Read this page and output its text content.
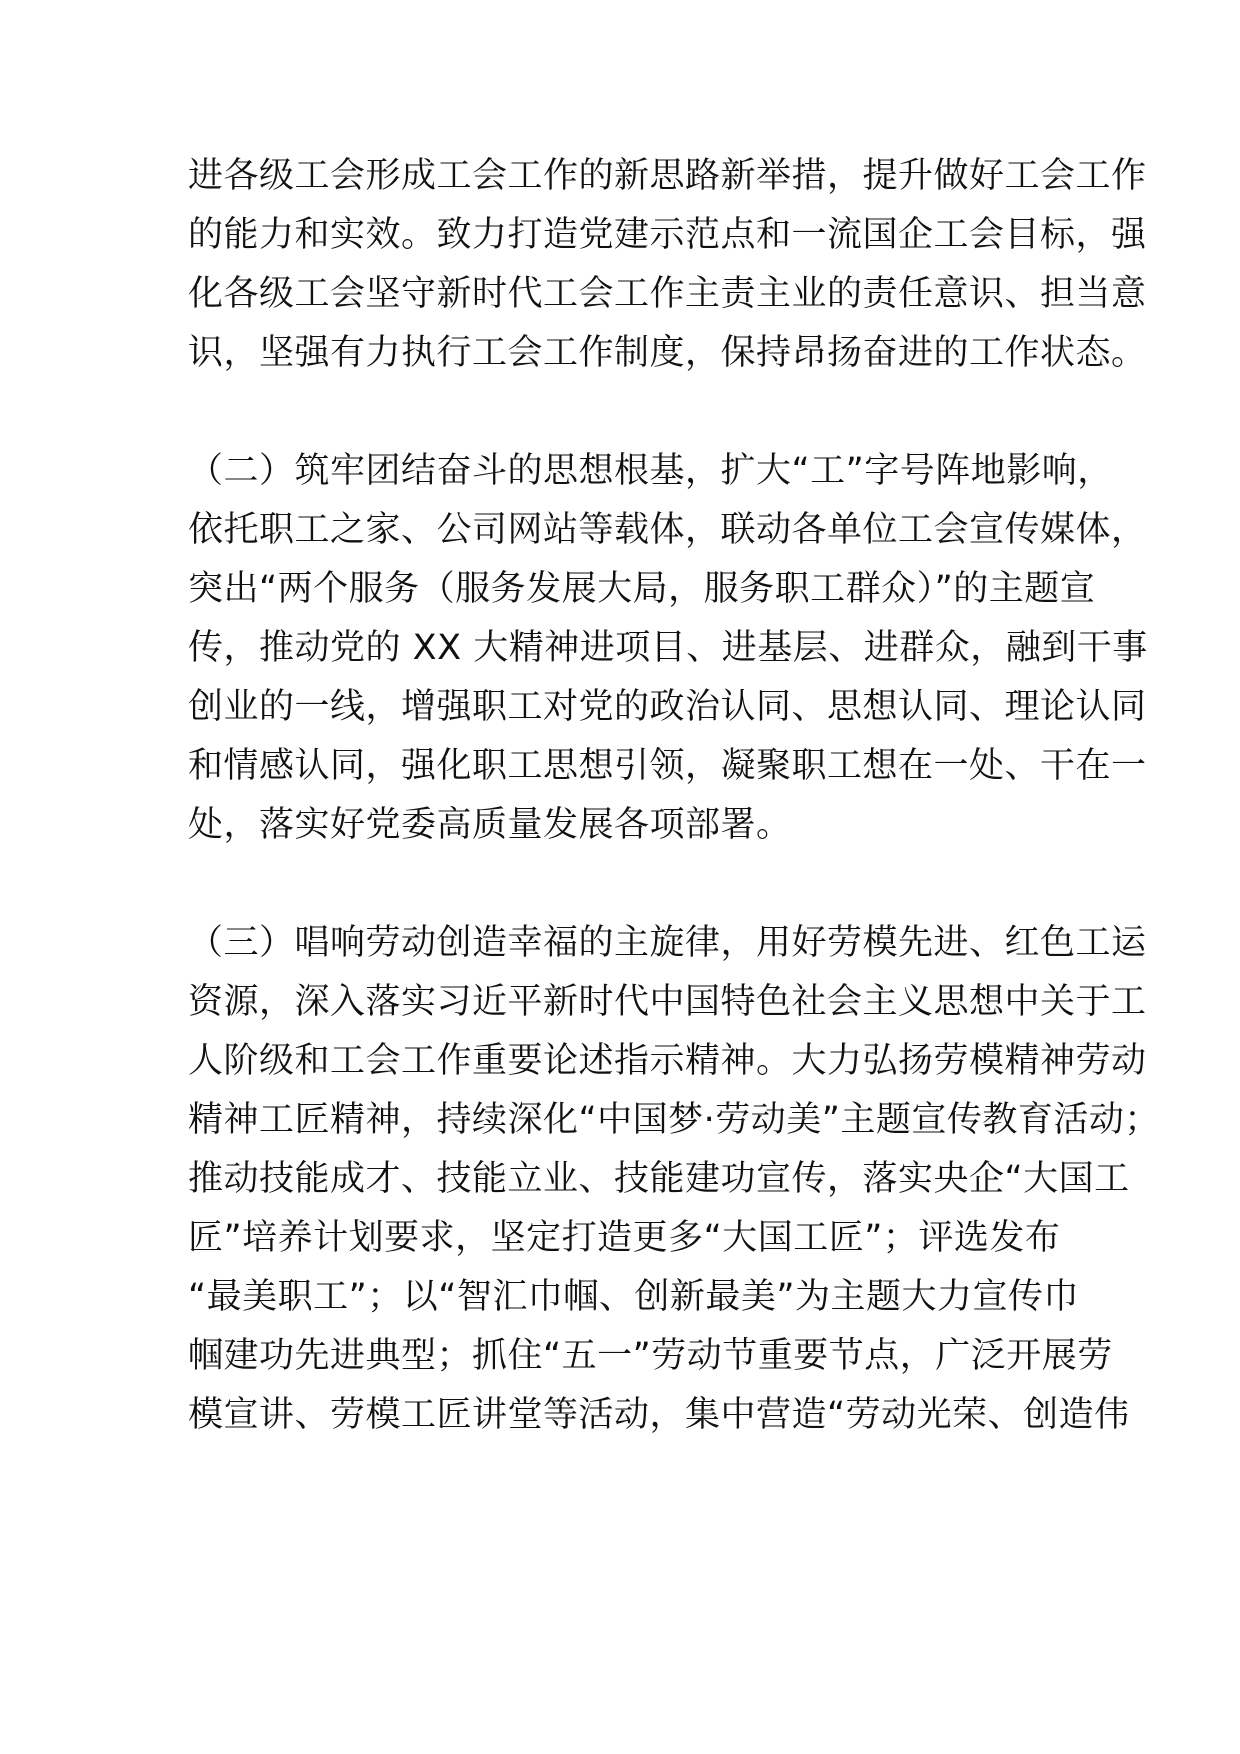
进各级工会形成工会工作的新思路新举措，提升做好工会工作

的能力和实效。致力打造党建示范点和一流国企工会目标，强

化各级工会坚守新时代工会工作主责主业的责任意识、担当意

识，坚强有力执行工会工作制度，保持昂扬奋进的工作状态。

（二）筑牢团结奋斗的思想根基，扩大“工”字号阵地影响，

依托职工之家、公司网站等载体，联动各单位工会宣传媒体，

突出“两个服务（服务发展大局，服务职工群众）”的主题宣

传，推动党的 XX 大精神进项目、进基层、进群众，融到干事

创业的一线，增强职工对党的政治认同、思想认同、理论认同

和情感认同，强化职工思想引领，凝聚职工想在一处、干在一

处，落实好党委高质量发展各项部署。

（三）唱响劳动创造幸福的主旋律，用好劳模先进、红色工运

资源，深入落实习近平新时代中国特色社会主义思想中关于工

人阶级和工会工作重要论述指示精神。大力弘扬劳模精神劳动

精神工匠精神，持续深化“中国梦·劳动美”主题宣传教育活动；

推动技能成才、技能立业、技能建功宣传，落实央企“大国工

匠”培养计划要求，坚定打造更多“大国工匠”；评选发布

“最美职工”；以“智汇巾帼、创新最美”为主题大力宣传巾

帼建功先进典型；抓住“五一”劳动节重要节点，广泛开展劳

模宣讲、劳模工匠讲堂等活动，集中营造“劳动光荣、创造伟
